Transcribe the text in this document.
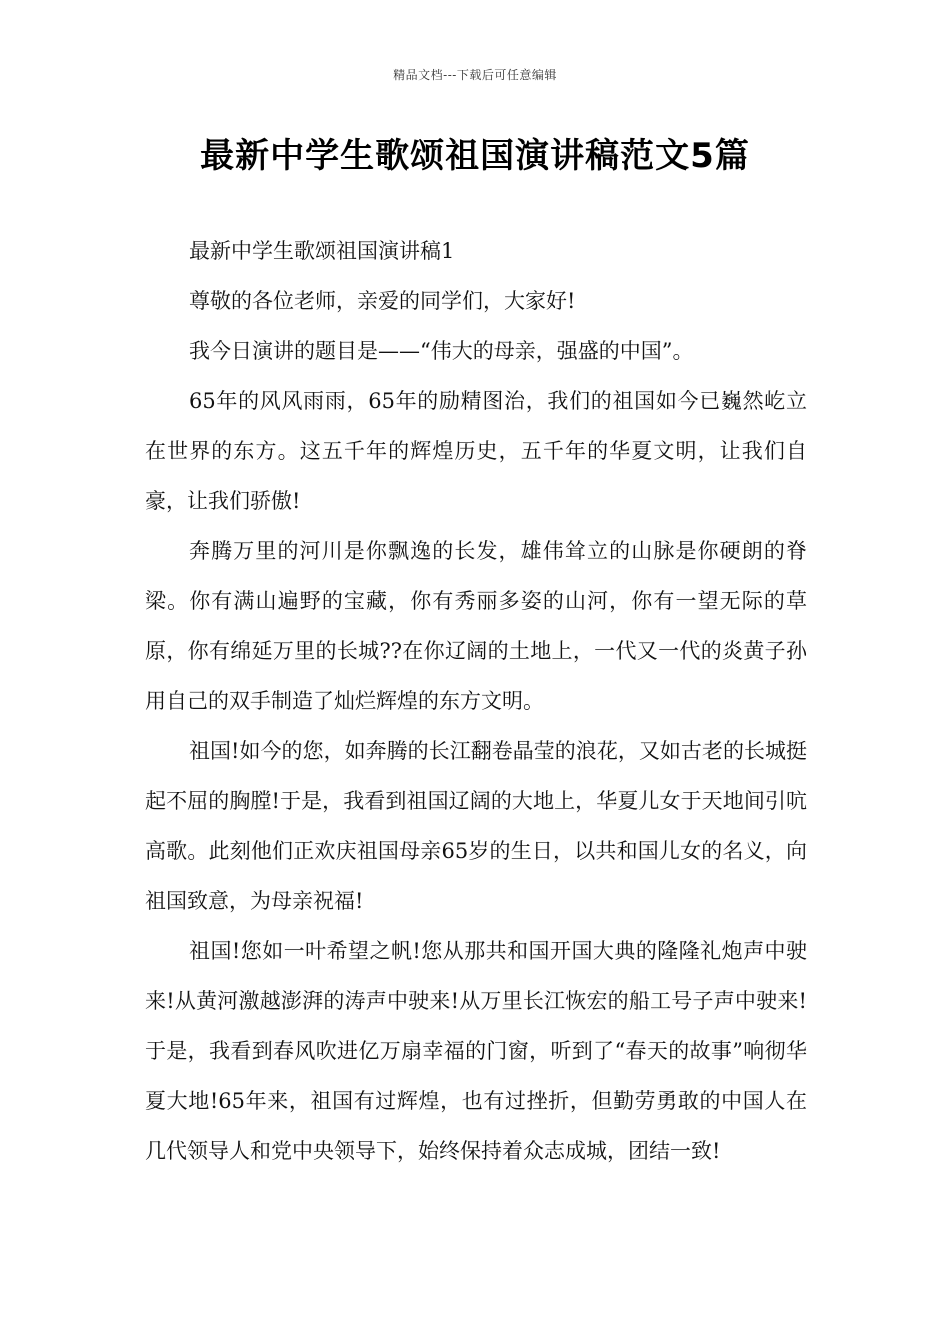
精品文档---下载后可任意编辑
最新中学生歌颂祖国演讲稿范文5篇

最新中学生歌颂祖国演讲稿1

尊敬的各位老师，亲爱的同学们，大家好!

我今日演讲的题目是——“伟大的母亲，强盛的中国”。

65年的风风雨雨，65年的励精图治，我们的祖国如今已巍然屹立在世界的东方。这五千年的辉煌历史，五千年的华夏文明，让我们自豪，让我们骄傲!

奔腾万里的河川是你飘逸的长发，雄伟耸立的山脉是你硬朗的脊梁。你有满山遍野的宝藏，你有秀丽多姿的山河，你有一望无际的草原，你有绵延万里的长城??在你辽阔的土地上，一代又一代的炎黄子孙用自己的双手制造了灿烂辉煌的东方文明。

祖国!如今的您，如奔腾的长江翻卷晶莹的浪花，又如古老的长城挺起不屈的胸膛!于是，我看到祖国辽阔的大地上，华夏儿女于天地间引吭高歌。此刻他们正欢庆祖国母亲65岁的生日，以共和国儿女的名义，向祖国致意，为母亲祝福!

祖国!您如一叶希望之帆!您从那共和国开国大典的隆隆礼炮声中驶来!从黄河激越澎湃的涛声中驶来!从万里长江恢宏的船工号子声中驶来!于是，我看到春风吹进亿万扇幸福的门窗，听到了“春天的故事”响彻华夏大地!65年来，祖国有过辉煌，也有过挫折，但勤劳勇敢的中国人在几代领导人和党中央领导下，始终保持着众志成城，团结一致!
